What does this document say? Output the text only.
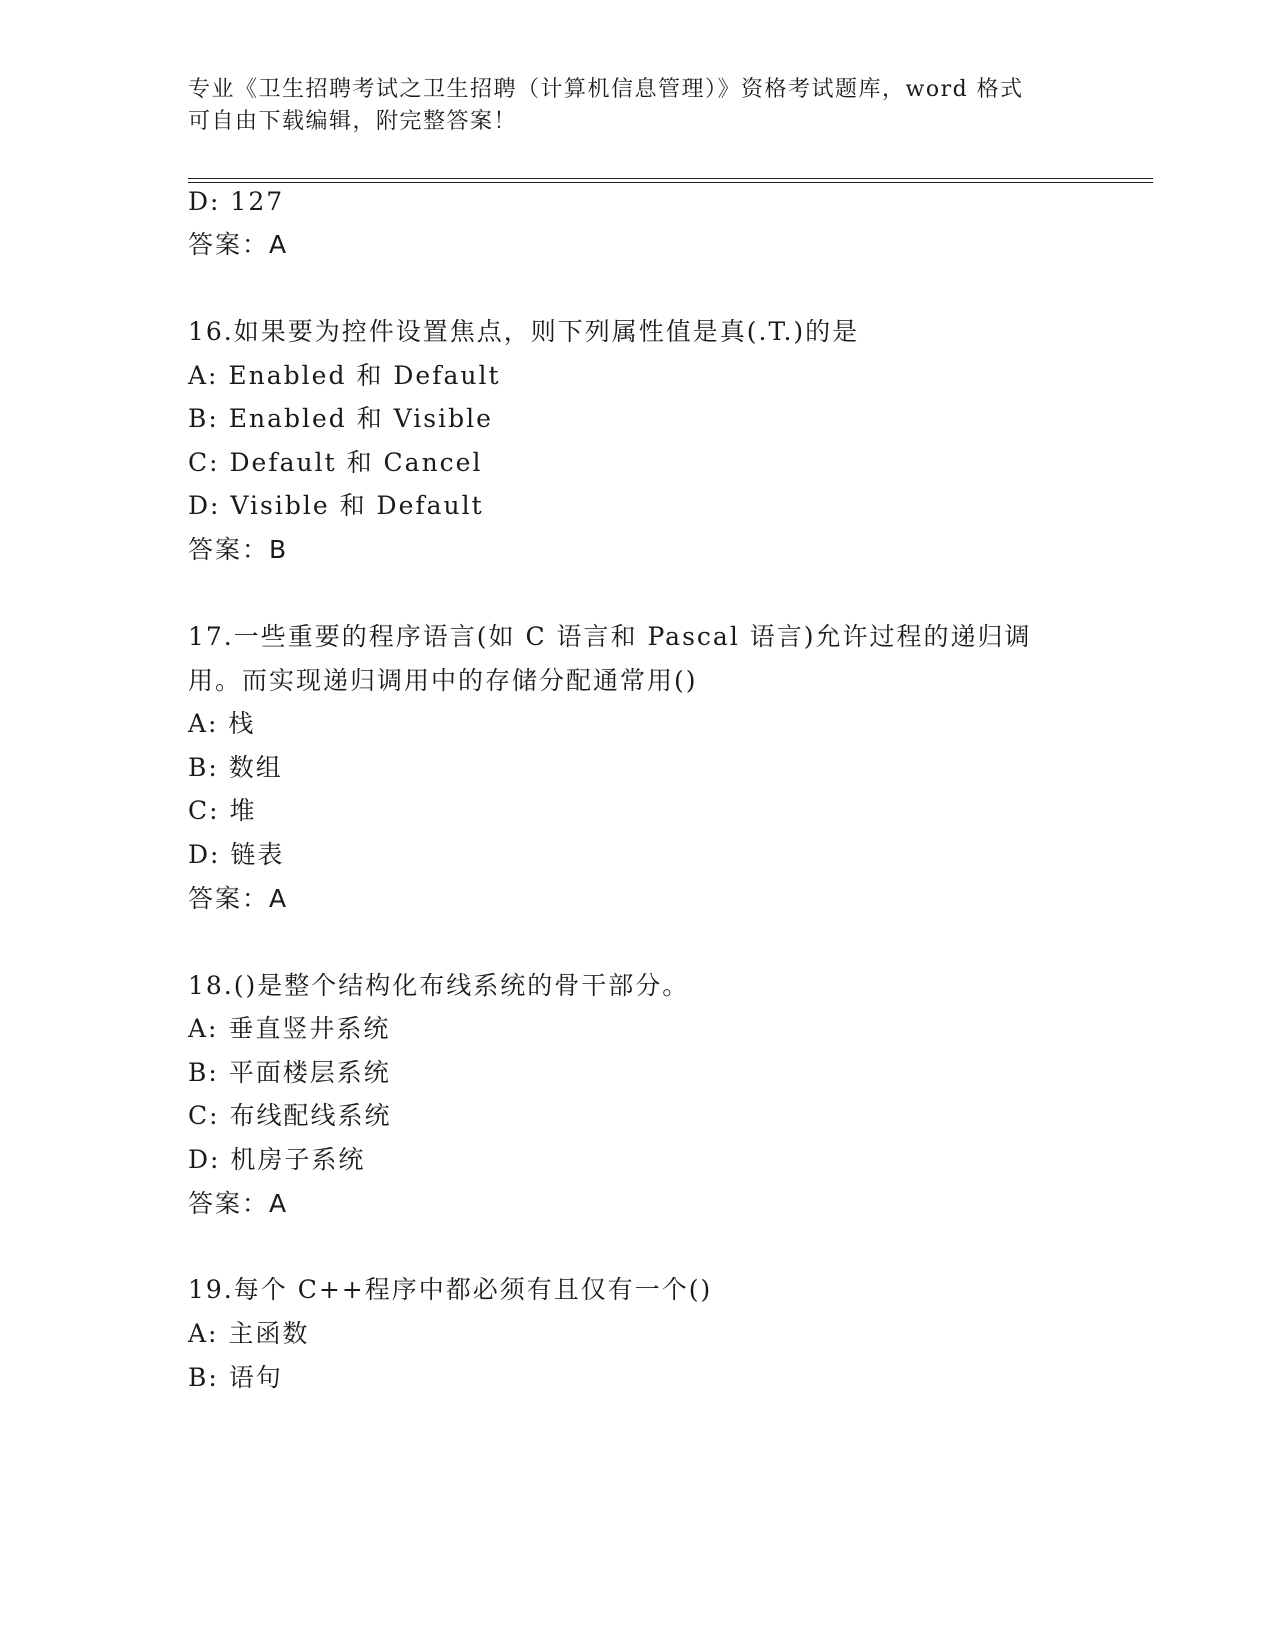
专业《卫生招聘考试之卫生招聘（计算机信息管理）》资格考试题库，word 格式
可自由下载编辑，附完整答案！
D: 127
答案：A
16.如果要为控件设置焦点，则下列属性值是真(.T.)的是
A: Enabled 和 Default
B: Enabled 和 Visible
C: Default 和 Cancel
D: Visible 和 Default
答案：B
17.一些重要的程序语言(如 C 语言和 Pascal 语言)允许过程的递归调
用。而实现递归调用中的存储分配通常用()
A: 栈
B: 数组
C: 堆
D: 链表
答案：A
18.()是整个结构化布线系统的骨干部分。
A: 垂直竖井系统
B: 平面楼层系统
C: 布线配线系统
D: 机房子系统
答案：A
19.每个 C++程序中都必须有且仅有一个()
A: 主函数
B: 语句
